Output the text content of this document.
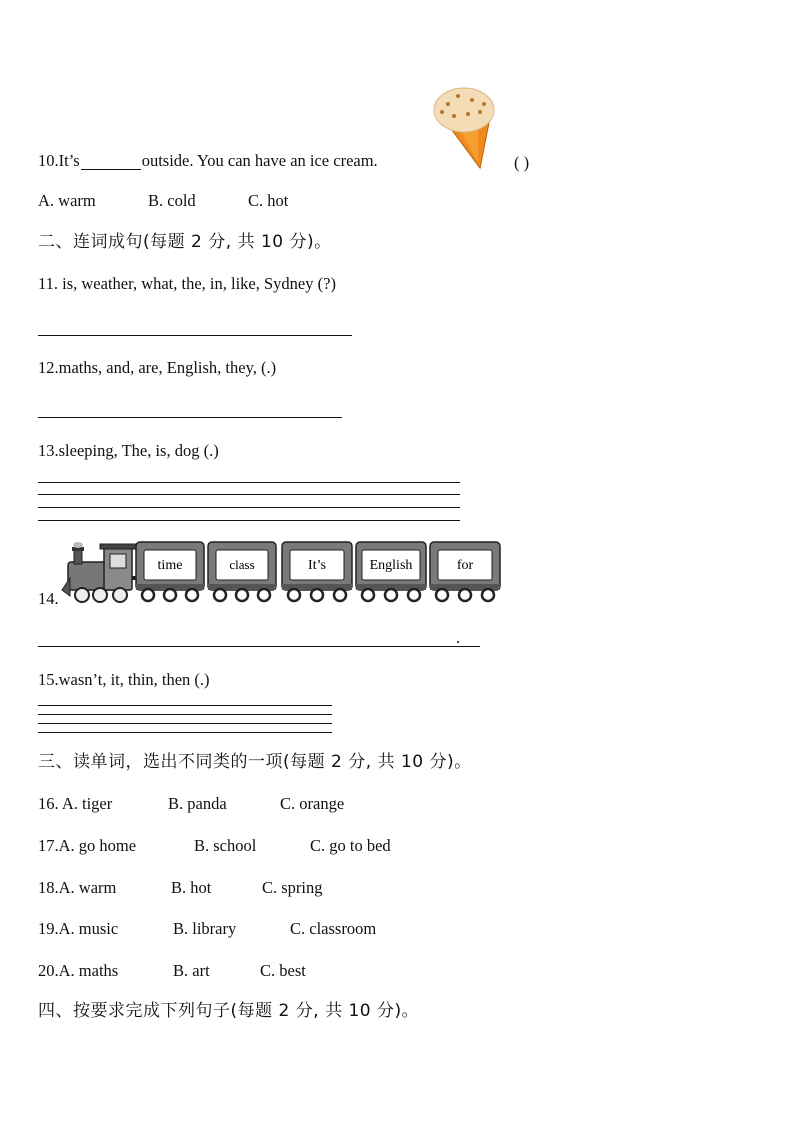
10.It’s	outside. You can have an ice cream.	( )
A. warm	B. cold	C. hot
二、连词成句(每题 2 分, 共 10 分)。
11. is, weather, what, the, in, like, Sydney (?)
12.maths, and, are, English, they, (.)
13.sleeping, The, is, dog (.)
14.
time	class	It’s	English	for
.
15.wasn’t, it, thin, then (.)
三、读单词，选出不同类的一项(每题 2 分, 共 10 分)。
16. A. tiger	B. panda	C. orange
17.A. go home	B. school	C. go to bed
18.A. warm	B. hot	C. spring
19.A. music	B. library	C. classroom
20.A. maths	B. art	C. best
四、按要求完成下列句子(每题 2 分, 共 10 分)。
